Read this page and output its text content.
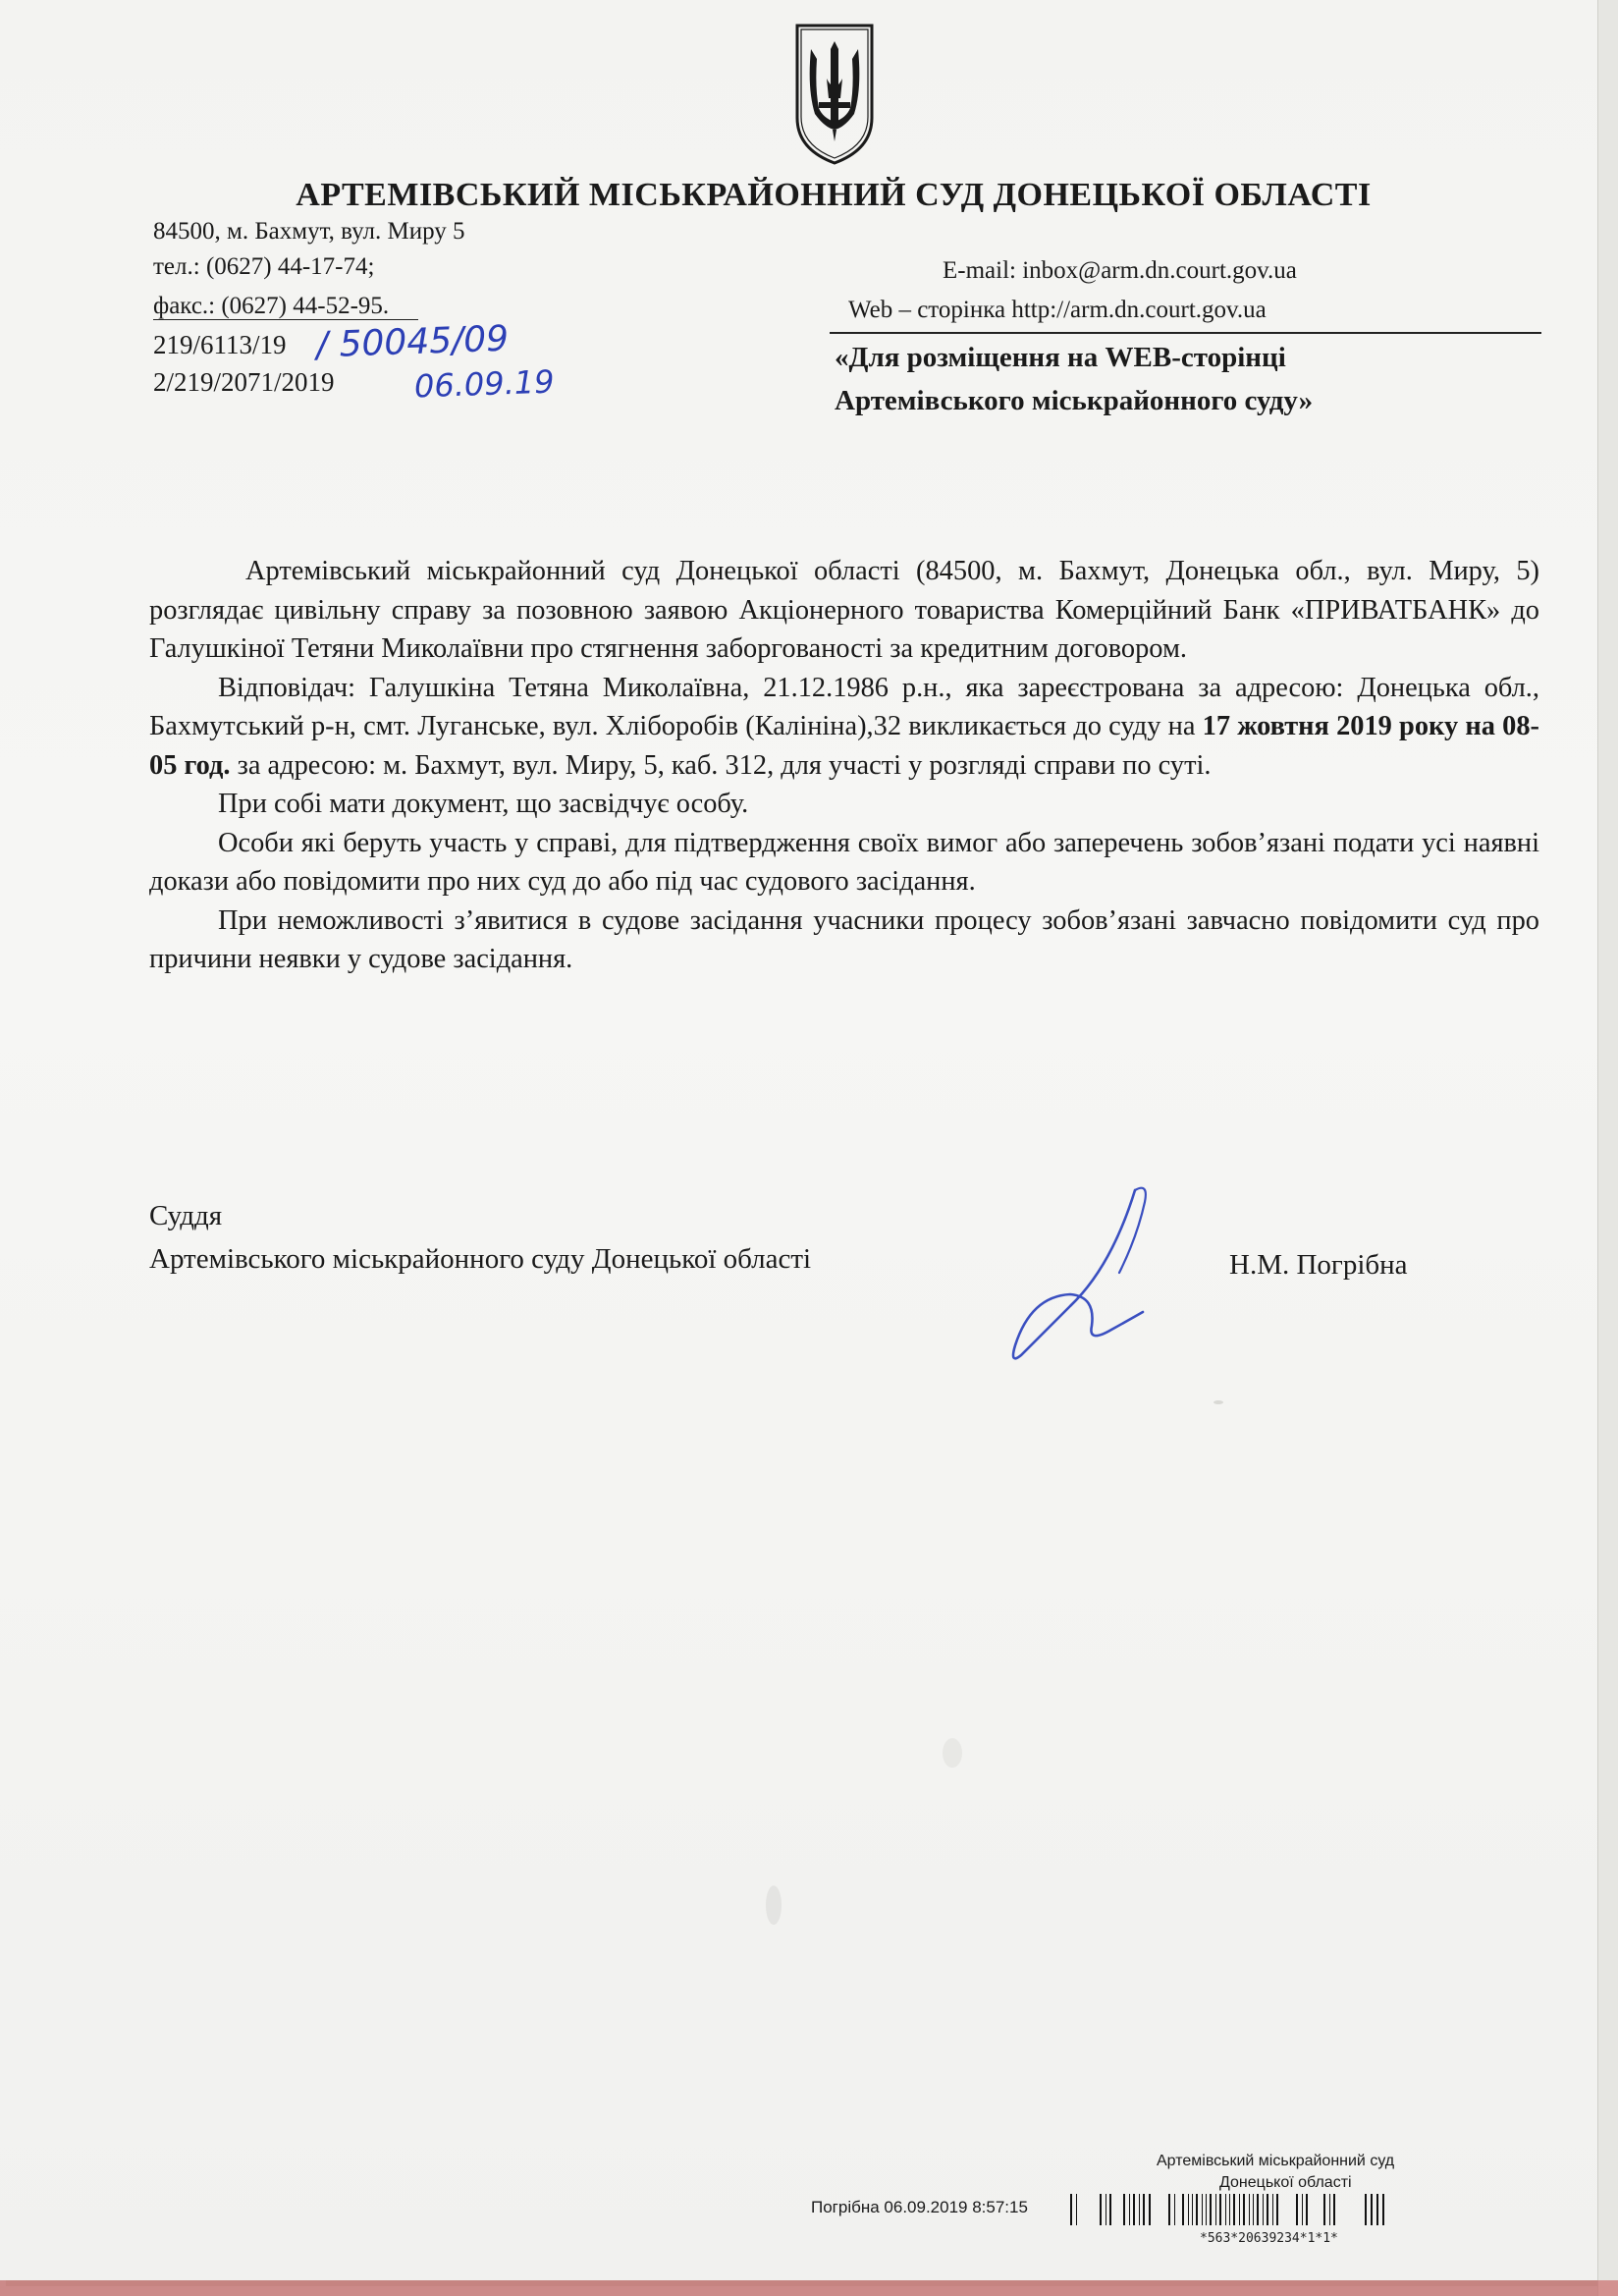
АРТЕМІВСЬКИЙ МІСЬКРАЙОННИЙ СУД ДОНЕЦЬКОЇ ОБЛАСТІ
84500, м. Бахмут, вул. Миру 5
тел.: (0627) 44-17-74;
факс.: (0627) 44-52-95.
E-mail: inbox@arm.dn.court.gov.ua
Web – сторінка http://arm.dn.court.gov.ua
219/6113/19
2/219/2071/2019
/ 50045/09
06.09.19
«Для розміщення на WEB-сторінці
Артемівського міськрайонного суду»

Артемівський міськрайонний суд Донецької області (84500, м. Бахмут, Донецька обл., вул. Миру, 5) розглядає цивільну справу за позовною заявою Акціонерного товариства Комерційний Банк «ПРИВАТБАНК» до Галушкіної Тетяни Миколаївни про стягнення заборгованості за кредитним договором.

Відповідач: Галушкіна Тетяна Миколаївна, 21.12.1986 р.н., яка зареєстрована за адресою: Донецька обл., Бахмутський р-н, смт. Луганське, вул. Хліборобів (Калініна),32 викликається до суду на 17 жовтня 2019 року на 08-05 год. за адресою: м. Бахмут, вул. Миру, 5, каб. 312, для участі у розгляді справи по суті.

При собі мати документ, що засвідчує особу.

Особи які беруть участь у справі, для підтвердження своїх вимог або заперечень зобов’язані подати усі наявні докази або повідомити про них суд до або під час судового засідання.

При неможливості з’явитися в судове засідання учасники процесу зобов’язані завчасно повідомити суд про причини неявки у судове засідання.

Суддя
Артемівського міськрайонного суду Донецької області	Н.М. Погрібна
Артемівський міськрайонний суд
Донецької області
Погрібна 06.09.2019 8:57:15
*563*20639234*1*1*
